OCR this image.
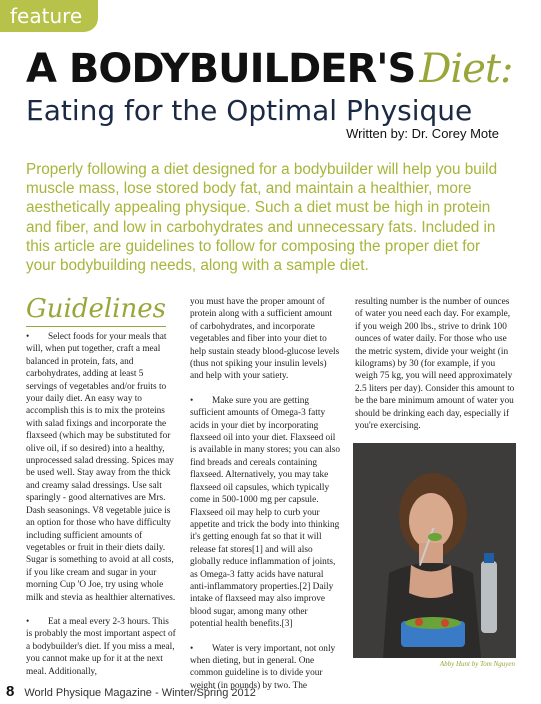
feature
A BODYBUILDER'S Diet:
Eating for the Optimal Physique
Written by: Dr. Corey Mote
Properly following a diet designed for a bodybuilder will help you build muscle mass, lose stored body fat, and maintain a healthier, more aesthetically appealing physique. Such a diet must be high in protein and fiber, and low in carbohydrates and unnecessary fats. Included in this article are guidelines to follow for composing the proper diet for your bodybuilding needs, along with a sample diet.
Guidelines

• Select foods for your meals that will, when put together, craft a meal balanced in protein, fats, and carbohydrates, adding at least 5 servings of vegetables and/or fruits to your daily diet. An easy way to accomplish this is to mix the proteins with salad fixings and incorporate the flaxseed (which may be substituted for olive oil, if so desired) into a healthy, unprocessed salad dressing. Spices may be used well. Stay away from the thick and creamy salad dressings. Use salt sparingly - good alternatives are Mrs. Dash seasonings. V8 vegetable juice is an option for those who have difficulty including sufficient amounts of vegetables or fruit in their diets daily. Sugar is something to avoid at all costs, if you like cream and sugar in your morning Cup 'O Joe, try using whole milk and stevia as healthier alternatives.

• Eat a meal every 2-3 hours. This is probably the most important aspect of a bodybuilder's diet. If you miss a meal, you cannot make up for it at the next meal. Additionally,

you must have the proper amount of protein along with a sufficient amount of carbohydrates, and incorporate vegetables and fiber into your diet to help sustain steady blood-glucose levels (thus not spiking your insulin levels) and help with your satiety.

• Make sure you are getting sufficient amounts of Omega-3 fatty acids in your diet by incorporating flaxseed oil into your diet. Flaxseed oil is available in many stores; you can also find breads and cereals containing flaxseed. Alternatively, you may take flaxseed oil capsules, which typically come in 500-1000 mg per capsule. Flaxseed oil may help to curb your appetite and trick the body into thinking it's getting enough fat so that it will release fat stores[1] and will also globally reduce inflammation of joints, as Omega-3 fatty acids have natural anti-inflammatory properties.[2] Daily intake of flaxseed may also improve blood sugar, among many other potential health benefits.[3]

• Water is very important, not only when dieting, but in general. One common guideline is to divide your weight (in pounds) by two. The

resulting number is the number of ounces of water you need each day. For example, if you weigh 200 lbs., strive to drink 100 ounces of water daily. For those who use the metric system, divide your weight (in kilograms) by 30 (for example, if you weigh 75 kg, you will need approximately 2.5 liters per day). Consider this amount to be the bare minimum amount of water you should be drinking each day, especially if you're exercising.

Abby Hunt by Tom Nguyen
8 World Physique Magazine - Winter/Spring 2012
